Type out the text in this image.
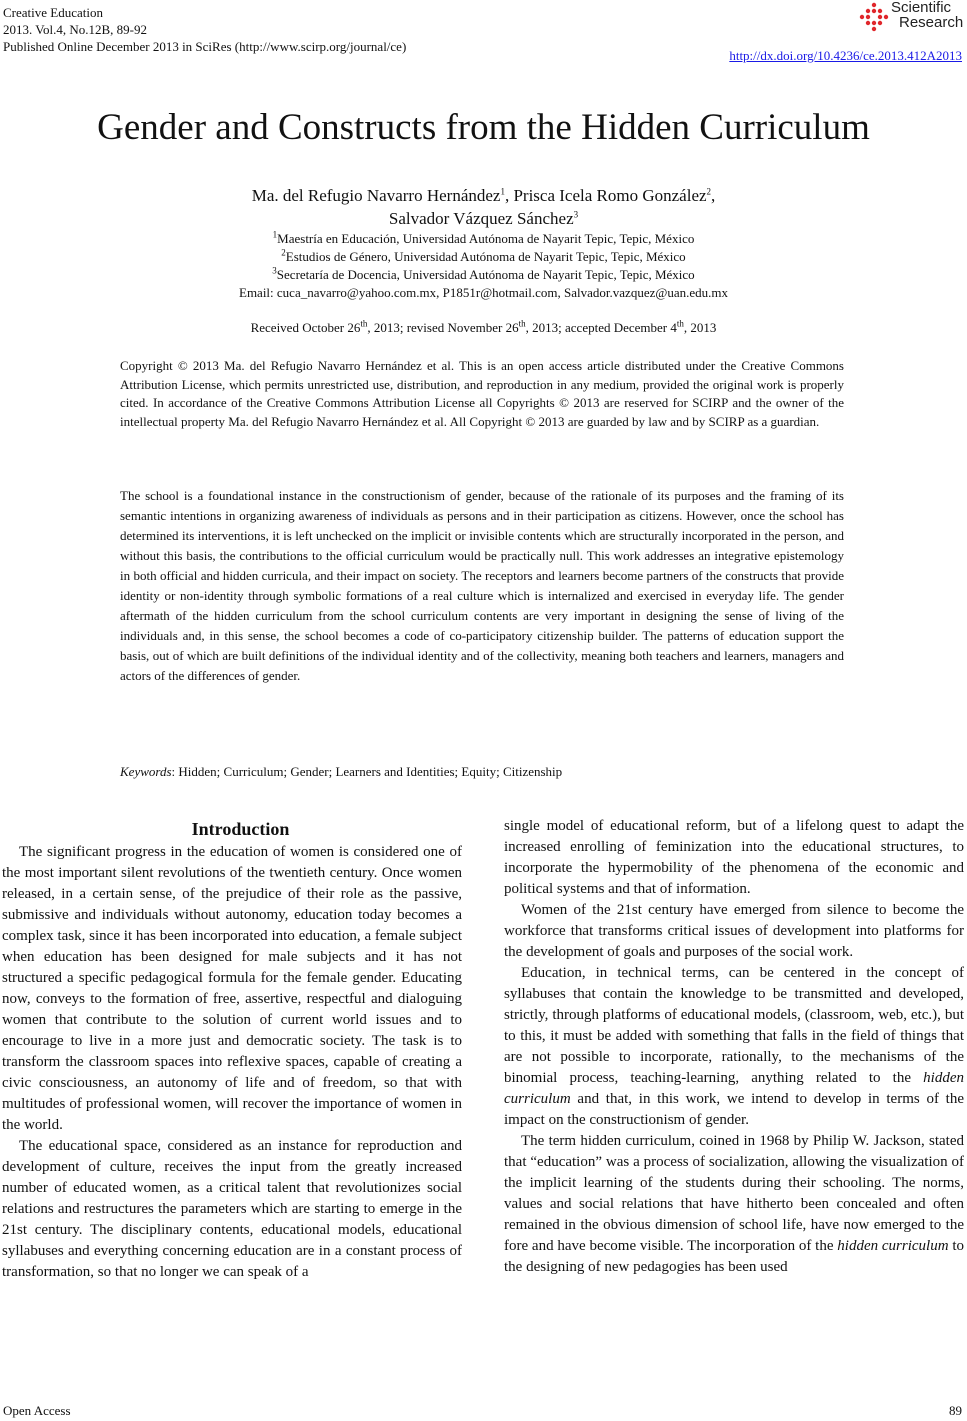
Creative Education
2013. Vol.4, No.12B, 89-92
Published Online December 2013 in SciRes (http://www.scirp.org/journal/ce)
Scientific
Research
http://dx.doi.org/10.4236/ce.2013.412A2013
Gender and Constructs from the Hidden Curriculum
Ma. del Refugio Navarro Hernández$^1$, Prisca Icela Romo González$^2$,
Salvador Vázquez Sánchez$^3$
$^1$Maestría en Educación, Universidad Autónoma de Nayarit Tepic, Tepic, México
$^2$Estudios de Género, Universidad Autónoma de Nayarit Tepic, Tepic, México
$^3$Secretaría de Docencia, Universidad Autónoma de Nayarit Tepic, Tepic, México
Email: cuca_navarro@yahoo.com.mx, P1851r@hotmail.com, Salvador.vazquez@uan.edu.mx
Received October 26th, 2013; revised November 26th, 2013; accepted December 4th, 2013
Copyright © 2013 Ma. del Refugio Navarro Hernández et al. This is an open access article distributed under the Creative Commons Attribution License, which permits unrestricted use, distribution, and reproduction in any medium, provided the original work is properly cited. In accordance of the Creative Commons Attribution License all Copyrights © 2013 are reserved for SCIRP and the owner of the intellectual property Ma. del Refugio Navarro Hernández et al. All Copyright © 2013 are guarded by law and by SCIRP as a guardian.
The school is a foundational instance in the constructionism of gender, because of the rationale of its purposes and the framing of its semantic intentions in organizing awareness of individuals as persons and in their participation as citizens. However, once the school has determined its interventions, it is left unchecked on the implicit or invisible contents which are structurally incorporated in the person, and without this basis, the contributions to the official curriculum would be practically null. This work addresses an integrative epistemology in both official and hidden curricula, and their impact on society. The receptors and learners become partners of the constructs that provide identity or non-identity through symbolic formations of a real culture which is internalized and exercised in everyday life. The gender aftermath of the hidden curriculum from the school curriculum contents are very important in designing the sense of living of the individuals and, in this sense, the school becomes a code of co-participatory citizenship builder. The patterns of education support the basis, out of which are built definitions of the individual identity and of the collectivity, meaning both teachers and learners, managers and actors of the differences of gender.
Keywords: Hidden; Curriculum; Gender; Learners and Identities; Equity; Citizenship

Introduction

The significant progress in the education of women is considered one of the most important silent revolutions of the twentieth century. Once women released, in a certain sense, of the prejudice of their role as the passive, submissive and individuals without autonomy, education today becomes a complex task, since it has been incorporated into education, a female subject when education has been designed for male subjects and it has not structured a specific pedagogical formula for the female gender. Educating now, conveys to the formation of free, assertive, respectful and dialoguing women that contribute to the solution of current world issues and to encourage to live in a more just and democratic society. The task is to transform the classroom spaces into reflexive spaces, capable of creating a civic consciousness, an autonomy of life and of freedom, so that with multitudes of professional women, will recover the importance of women in the world.

The educational space, considered as an instance for reproduction and development of culture, receives the input from the greatly increased number of educated women, as a critical talent that revolutionizes social relations and restructures the parameters which are starting to emerge in the 21st century. The disciplinary contents, educational models, educational syllabuses and everything concerning education are in a constant process of transformation, so that no longer we can speak of a

single model of educational reform, but of a lifelong quest to adapt the increased enrolling of feminization into the educational structures, to incorporate the hypermobility of the phenomena of the economic and political systems and that of information.

Women of the 21st century have emerged from silence to become the workforce that transforms critical issues of development into platforms for the development of goals and purposes of the social work.

Education, in technical terms, can be centered in the concept of syllabuses that contain the knowledge to be transmitted and developed, strictly, through platforms of educational models, (classroom, web, etc.), but to this, it must be added with something that falls in the field of things that are not possible to incorporate, rationally, to the mechanisms of the binomial process, teaching-learning, anything related to the hidden curriculum and that, in this work, we intend to develop in terms of the impact on the constructionism of gender.

The term hidden curriculum, coined in 1968 by Philip W. Jackson, stated that “education” was a process of socialization, allowing the visualization of the implicit learning of the students during their schooling. The norms, values and social relations that have hitherto been concealed and often remained in the obvious dimension of school life, have now emerged to the fore and have become visible. The incorporation of the hidden curriculum to the designing of new pedagogies has been used

Open Access	89
